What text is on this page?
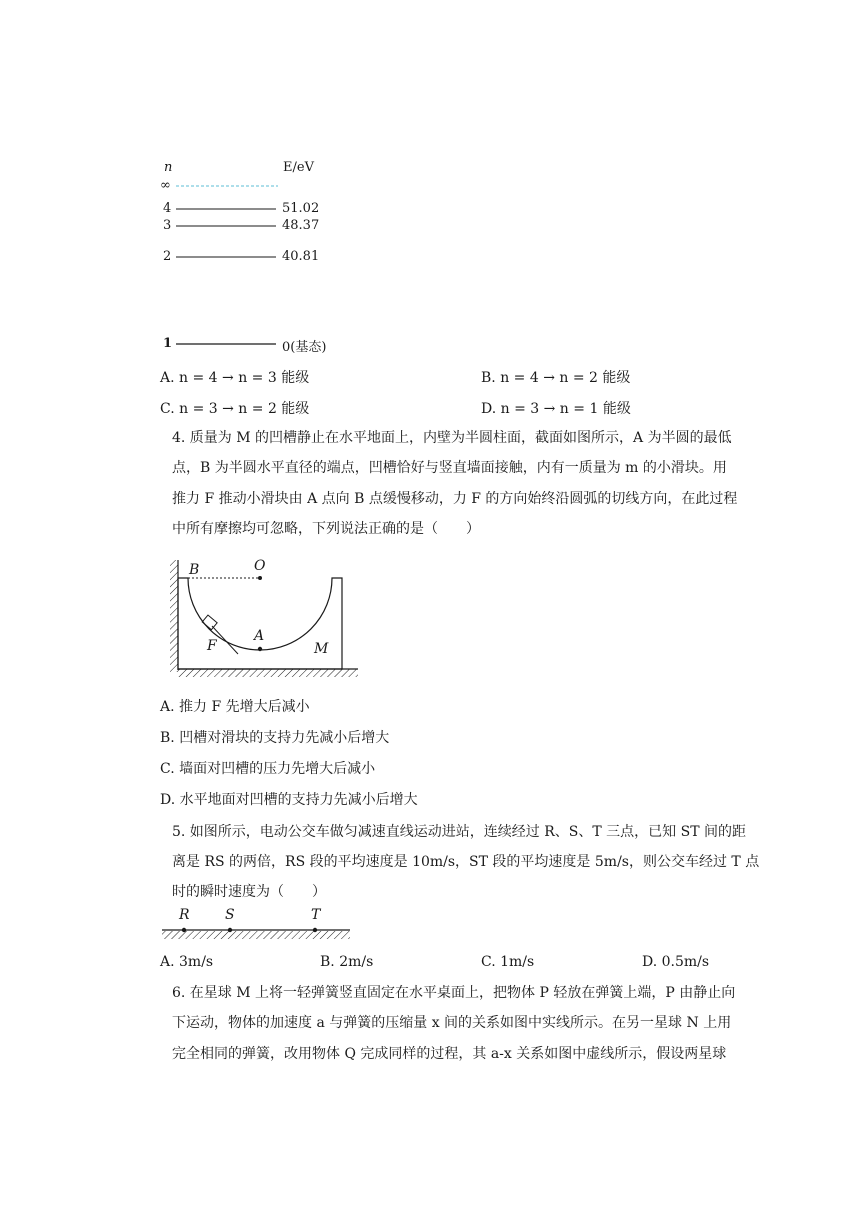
n	E/eV
∞
4
3
2
1
51.02
48.37
40.81
0(基态)
A. n = 4 → n = 3 能级	B. n = 4 → n = 2 能级
C. n = 3 → n = 2 能级	D. n = 3 → n = 1 能级
4. 质量为 M 的凹槽静止在水平地面上，内壁为半圆柱面，截面如图所示，A 为半圆的最低
点，B 为半圆水平直径的端点，凹槽恰好与竖直墙面接触，内有一质量为 m 的小滑块。用
推力 F 推动小滑块由 A 点向 B 点缓慢移动，力 F 的方向始终沿圆弧的切线方向，在此过程
中所有摩擦均可忽略，下列说法正确的是（　　）
B	O
A
F	M
A. 推力 F 先增大后减小
B. 凹槽对滑块的支持力先减小后增大
C. 墙面对凹槽的压力先增大后减小
D. 水平地面对凹槽的支持力先减小后增大
5. 如图所示，电动公交车做匀减速直线运动进站，连续经过 R、S、T 三点，已知 ST 间的距
离是 RS 的两倍，RS 段的平均速度是 10m/s，ST 段的平均速度是 5m/s，则公交车经过 T 点
时的瞬时速度为（　　）
R	S	T
A. 3m/s	B. 2m/s	C. 1m/s	D. 0.5m/s
6. 在星球 M 上将一轻弹簧竖直固定在水平桌面上，把物体 P 轻放在弹簧上端，P 由静止向
下运动，物体的加速度 a 与弹簧的压缩量 x 间的关系如图中实线所示。在另一星球 N 上用
完全相同的弹簧，改用物体 Q 完成同样的过程，其 a-x 关系如图中虚线所示，假设两星球
